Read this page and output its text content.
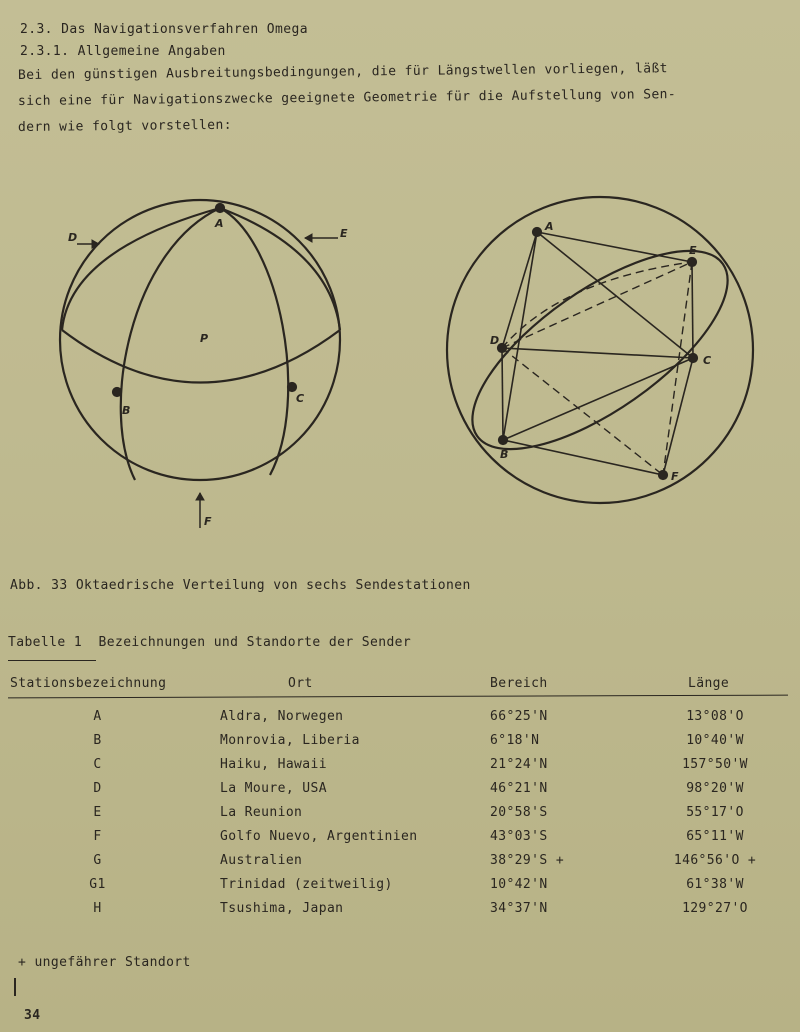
2.3. Das Navigationsverfahren Omega
2.3.1. Allgemeine Angaben
Bei den günstigen Ausbreitungsbedingungen, die für Längstwellen vorliegen, läßt
sich eine für Navigationszwecke geeignete Geometrie für die Aufstellung von Sen-
dern wie folgt vorstellen:
A
D	E
P
B
C
F
A
E
D
C
B
F
Abb. 33 Oktaedrische Verteilung von sechs Sendestationen
Tabelle 1 Bezeichnungen und Standorte der Sender
Stationsbezeichnung	Ort	Bereich	Länge
A	Aldra, Norwegen	66°25'N	13°08'O
B	Monrovia, Liberia	6°18'N	10°40'W
C	Haiku, Hawaii	21°24'N	157°50'W
D	La Moure, USA	46°21'N	98°20'W
E	La Reunion	20°58'S	55°17'O
F	Golfo Nuevo, Argentinien	43°03'S	65°11'W
G	Australien	38°29'S +	146°56'O +
G1	Trinidad (zeitweilig)	10°42'N	61°38'W
H	Tsushima, Japan	34°37'N	129°27'O
+ ungefährer Standort
34
